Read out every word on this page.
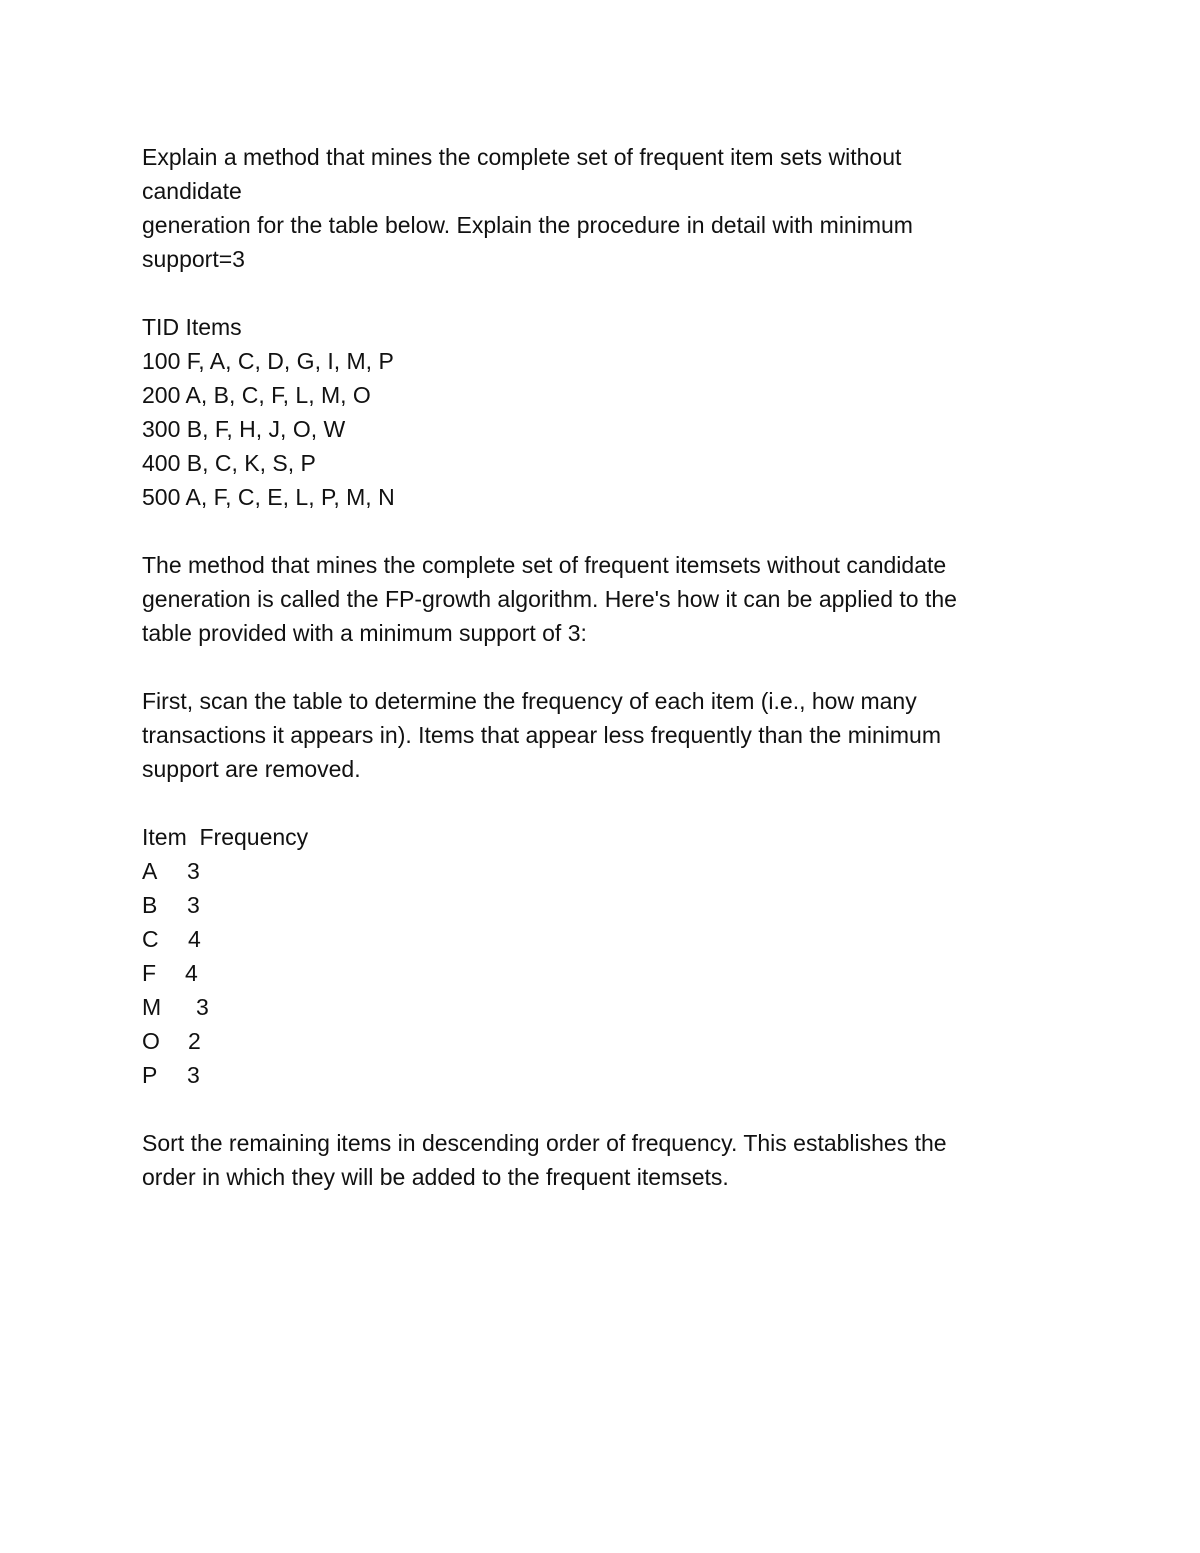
Explain a method that mines the complete set of frequent item sets without
candidate
generation for the table below. Explain the procedure in detail with minimum
support=3
TID Items
100 F, A, C, D, G, I, M, P
200 A, B, C, F, L, M, O
300 B, F, H, J, O, W
400 B, C, K, S, P
500 A, F, C, E, L, P, M, N
The method that mines the complete set of frequent itemsets without candidate
generation is called the FP-growth algorithm. Here's how it can be applied to the
table provided with a minimum support of 3:
First, scan the table to determine the frequency of each item (i.e., how many
transactions it appears in). Items that appear less frequently than the minimum
support are removed.
Item  Frequency

A

3

B

3

C

4

F

4

M

3

O

2

P

3

Sort the remaining items in descending order of frequency. This establishes the
order in which they will be added to the frequent itemsets.
